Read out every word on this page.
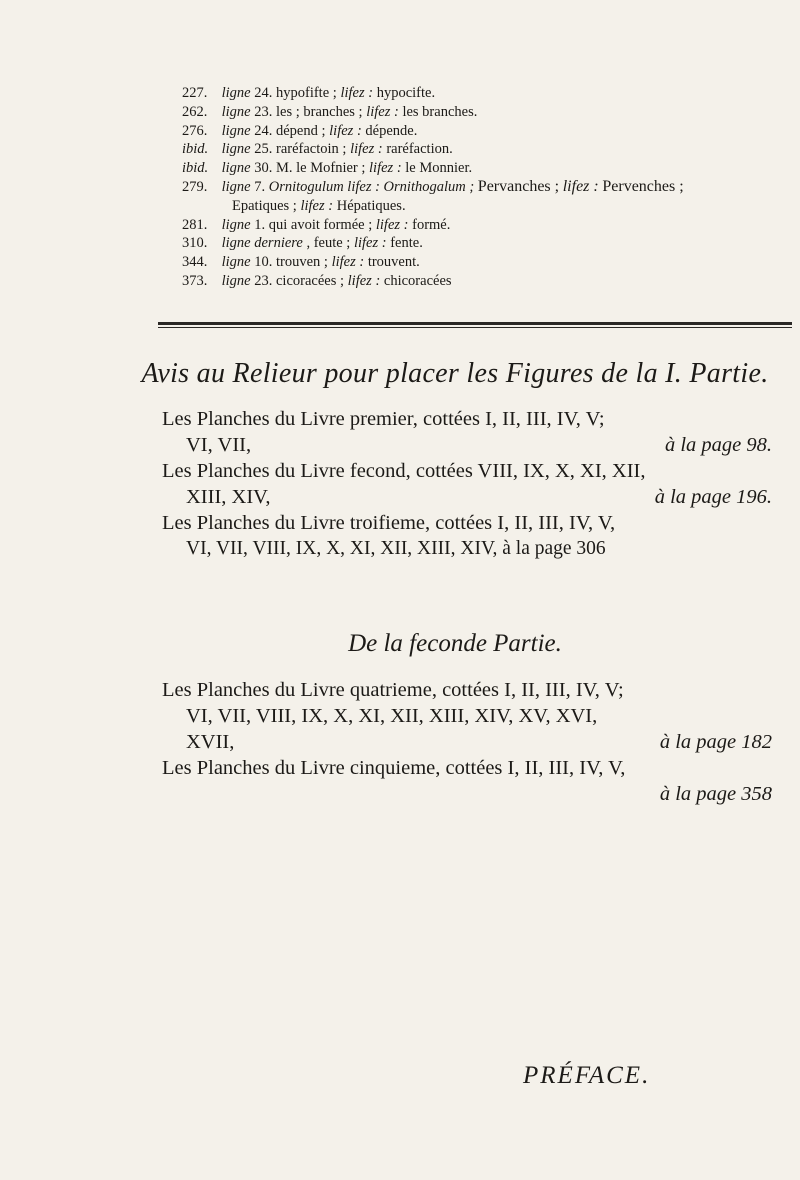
227. ligne 24. hypofifte ; lifez : hypocifte.
262. ligne 23. les ; branches ; lifez : les branches.
276. ligne 24. dépend ; lifez : dépende.
ibid. ligne 25. raréfactoin ; lifez : raréfaction.
ibid. ligne 30. M. le Mofnier ; lifez : le Monnier.
279. ligne 7. Ornitogulum lifez : Ornithogalum ; Pervanches ; lifez : Pervenches ;
Epatiques ; lifez : Hépatiques.
281. ligne 1. qui avoit formée ; lifez : formé.
310. ligne derniere , feute ; lifez : fente.
344. ligne 10. trouven ; lifez : trouvent.
373. ligne 23. cicoracées ; lifez : chicoracées
Avis au Relieur pour placer les Figures de la I. Partie.
Les Planches du Livre premier, cottées I, II, III, IV, V;
VI, VII,	à la page 98.
Les Planches du Livre fecond, cottées VIII, IX, X, XI, XII,
XIII, XIV,	à la page 196.
Les Planches du Livre troifieme, cottées I, II, III, IV, V,
VI, VII, VIII, IX, X, XI, XII, XIII, XIV, à la page 306
De la feconde Partie.
Les Planches du Livre quatrieme, cottées I, II, III, IV, V;
VI, VII, VIII, IX, X, XI, XII, XIII, XIV, XV, XVI,
XVII,	à la page 182
Les Planches du Livre cinquieme, cottées I, II, III, IV, V,

à la page 358
PRÉFACE.
